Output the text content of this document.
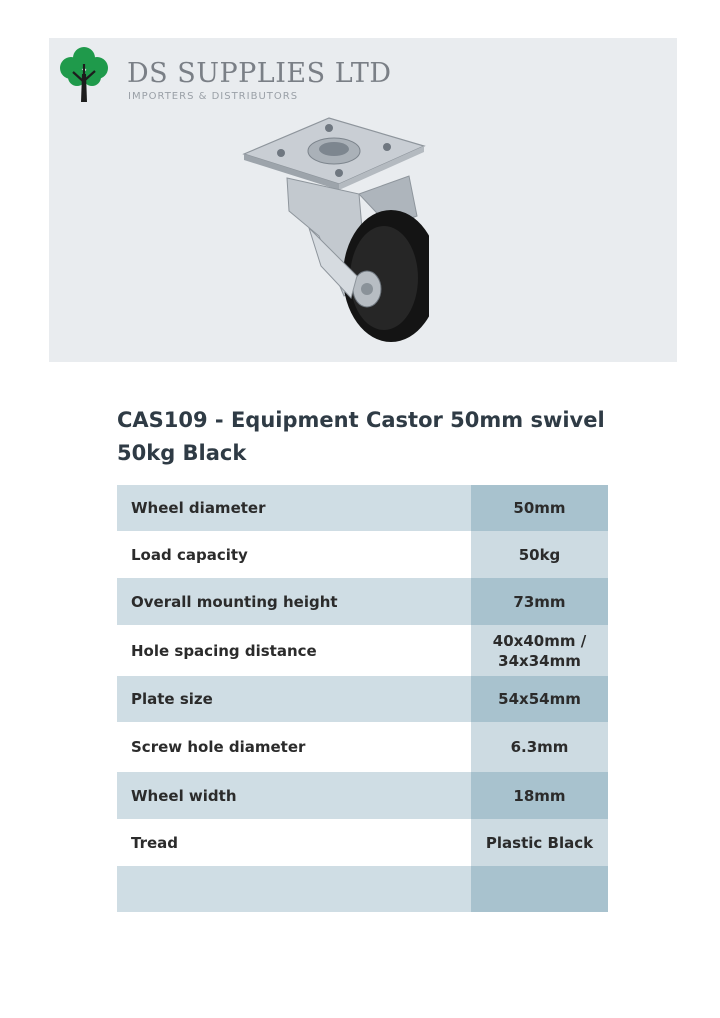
DS SUPPLIES LTD
IMPORTERS & DISTRIBUTORS
CAS109 - Equipment Castor 50mm swivel 50kg Black
Wheel diameter	50mm
Load capacity	50kg
Overall mounting height	73mm
Hole spacing distance	40x40mm / 34x34mm
Plate size	54x54mm
Screw hole diameter	6.3mm
Wheel width	18mm
Tread	Plastic Black
